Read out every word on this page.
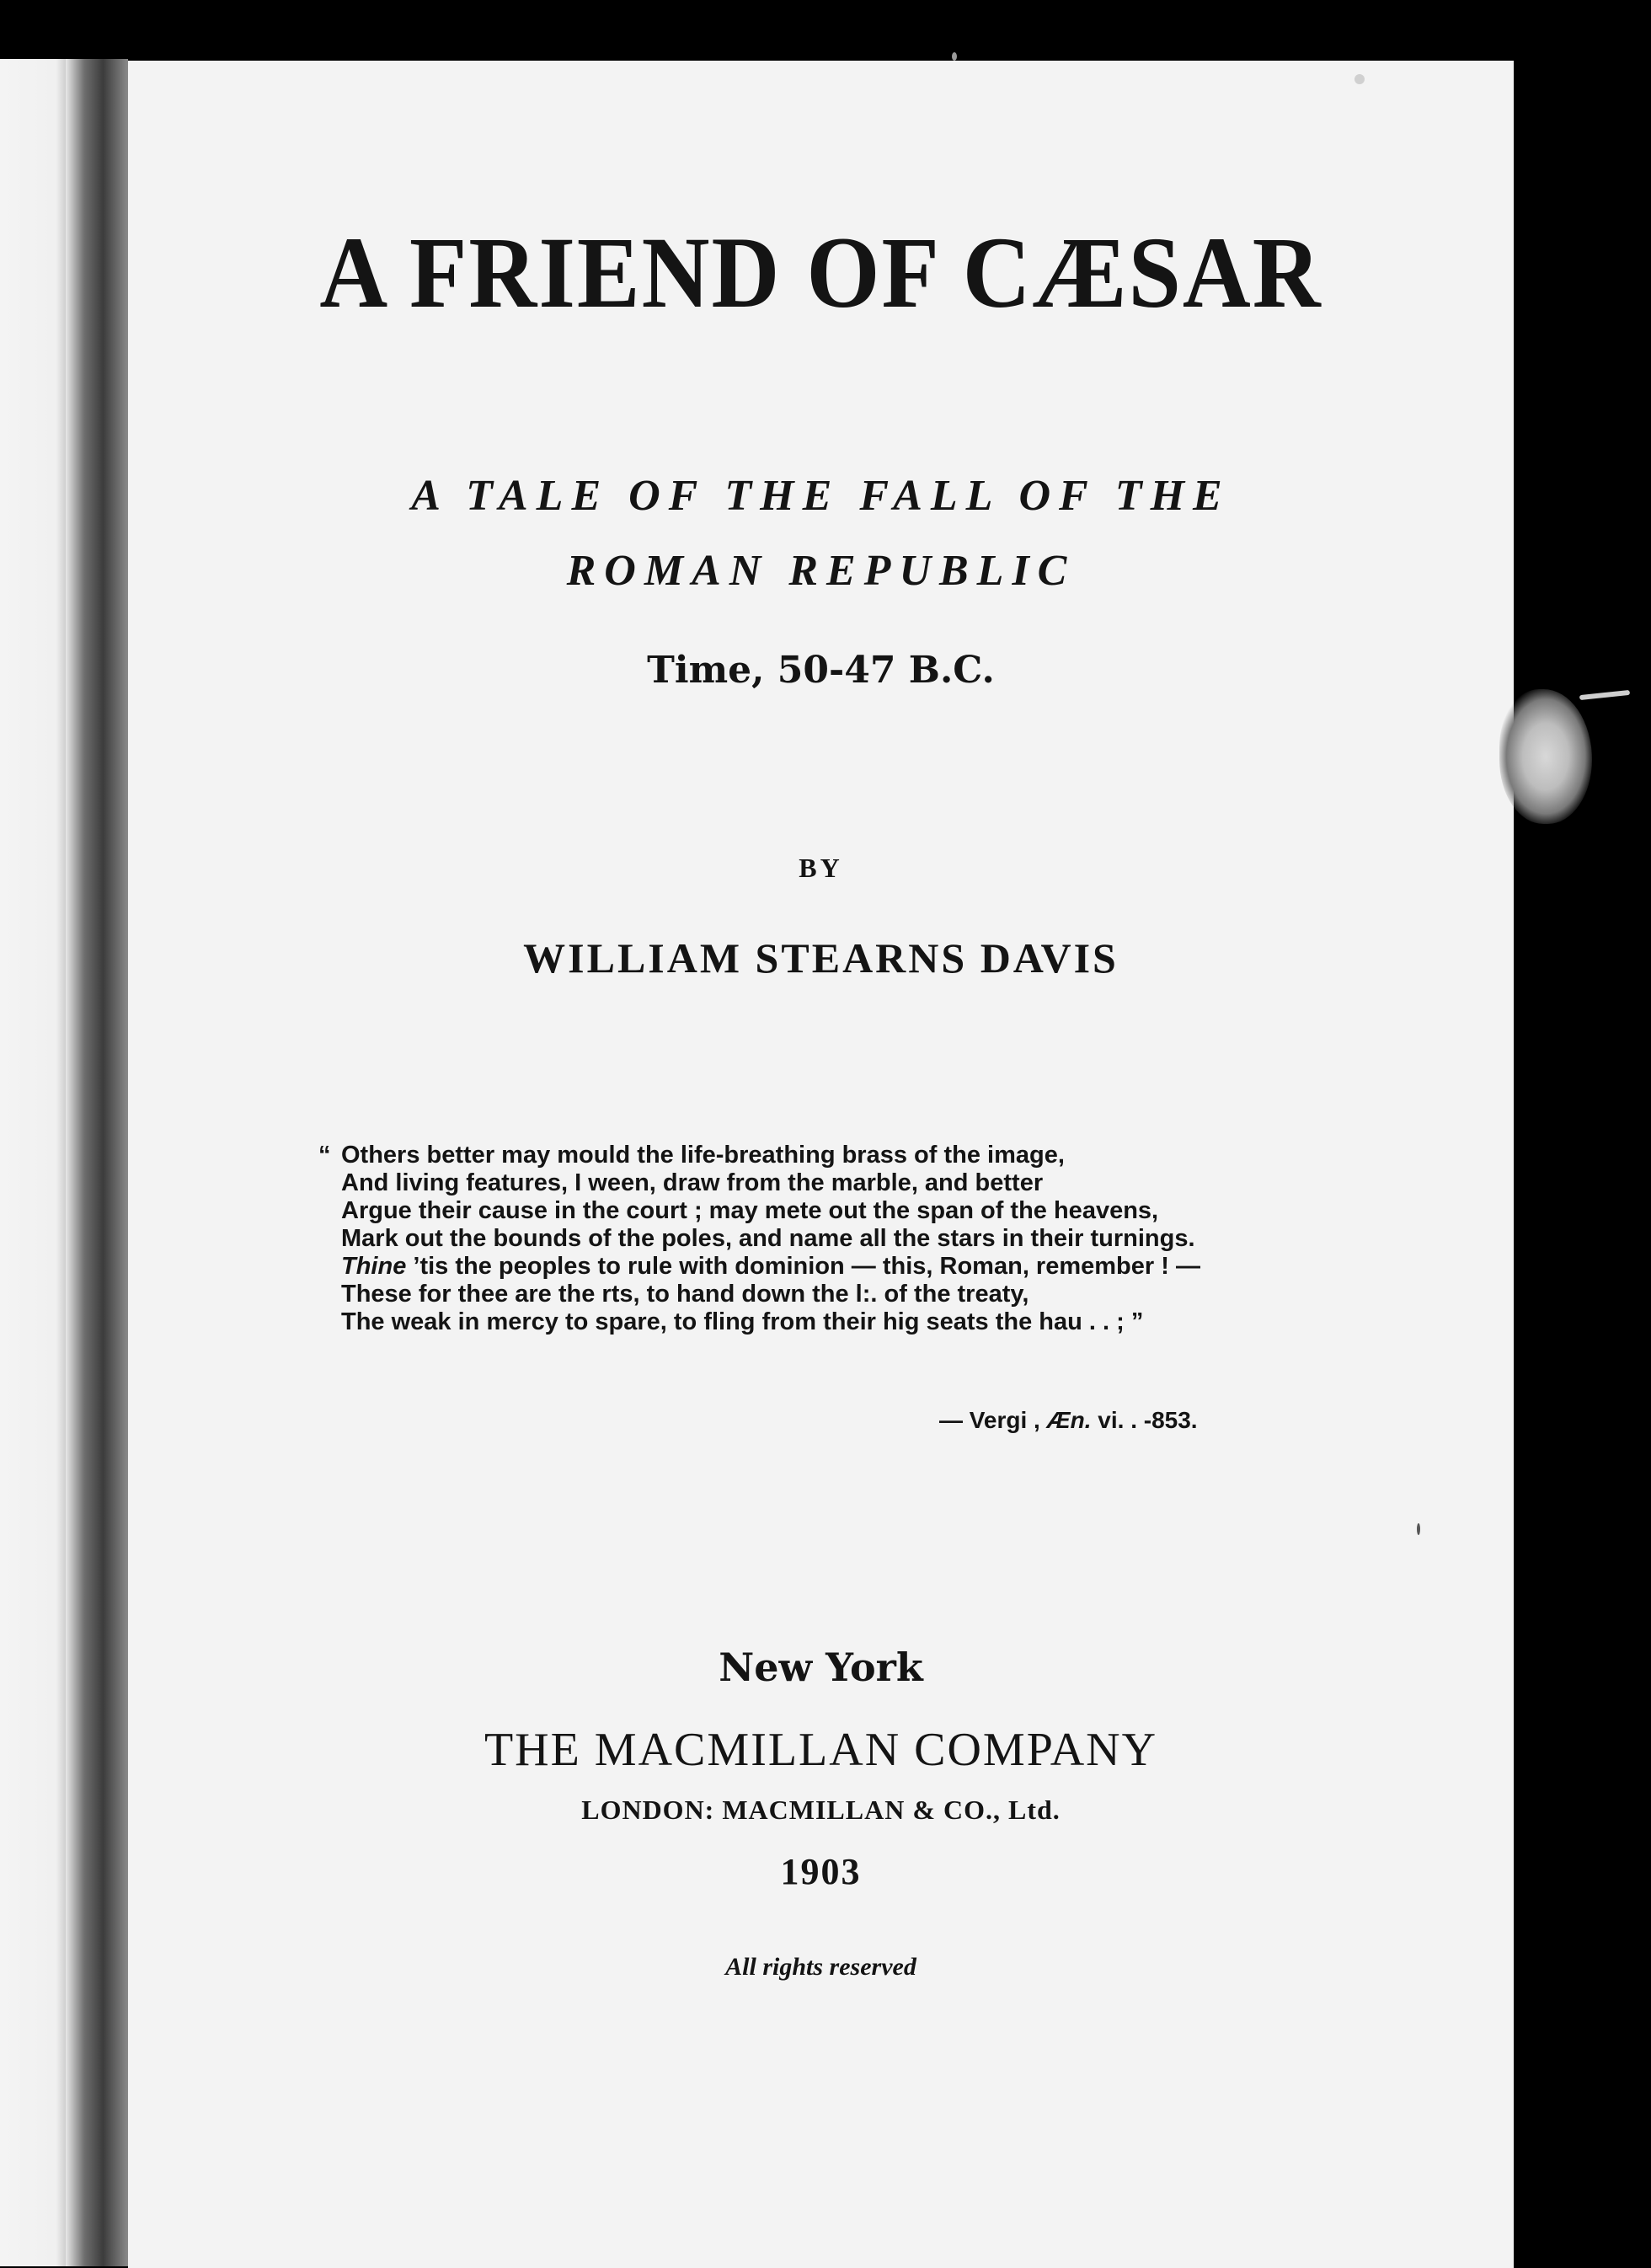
A FRIEND OF CÆSAR

A TALE OF THE FALL OF THE

ROMAN REPUBLIC

Time, 50-47 B.C.

BY

WILLIAM STEARNS DAVIS

“ Others better may mould the life-breathing brass of the image,
And living features, I ween, draw from the marble, and better
Argue their cause in the court ; may mete out the span of the heavens,
Mark out the bounds of the poles, and name all the stars in their turnings.
Thine ’tis the peoples to rule with dominion — this, Roman, remember ! —
These for thee are the rts, to hand down the l:. of the treaty,
The weak in mercy to spare, to fling from their hig seats the hau . . ; ”
— Vergi , Æn. vi. . -853.

New York

THE MACMILLAN COMPANY

LONDON: MACMILLAN & CO., Ltd.

1903

All rights reserved
